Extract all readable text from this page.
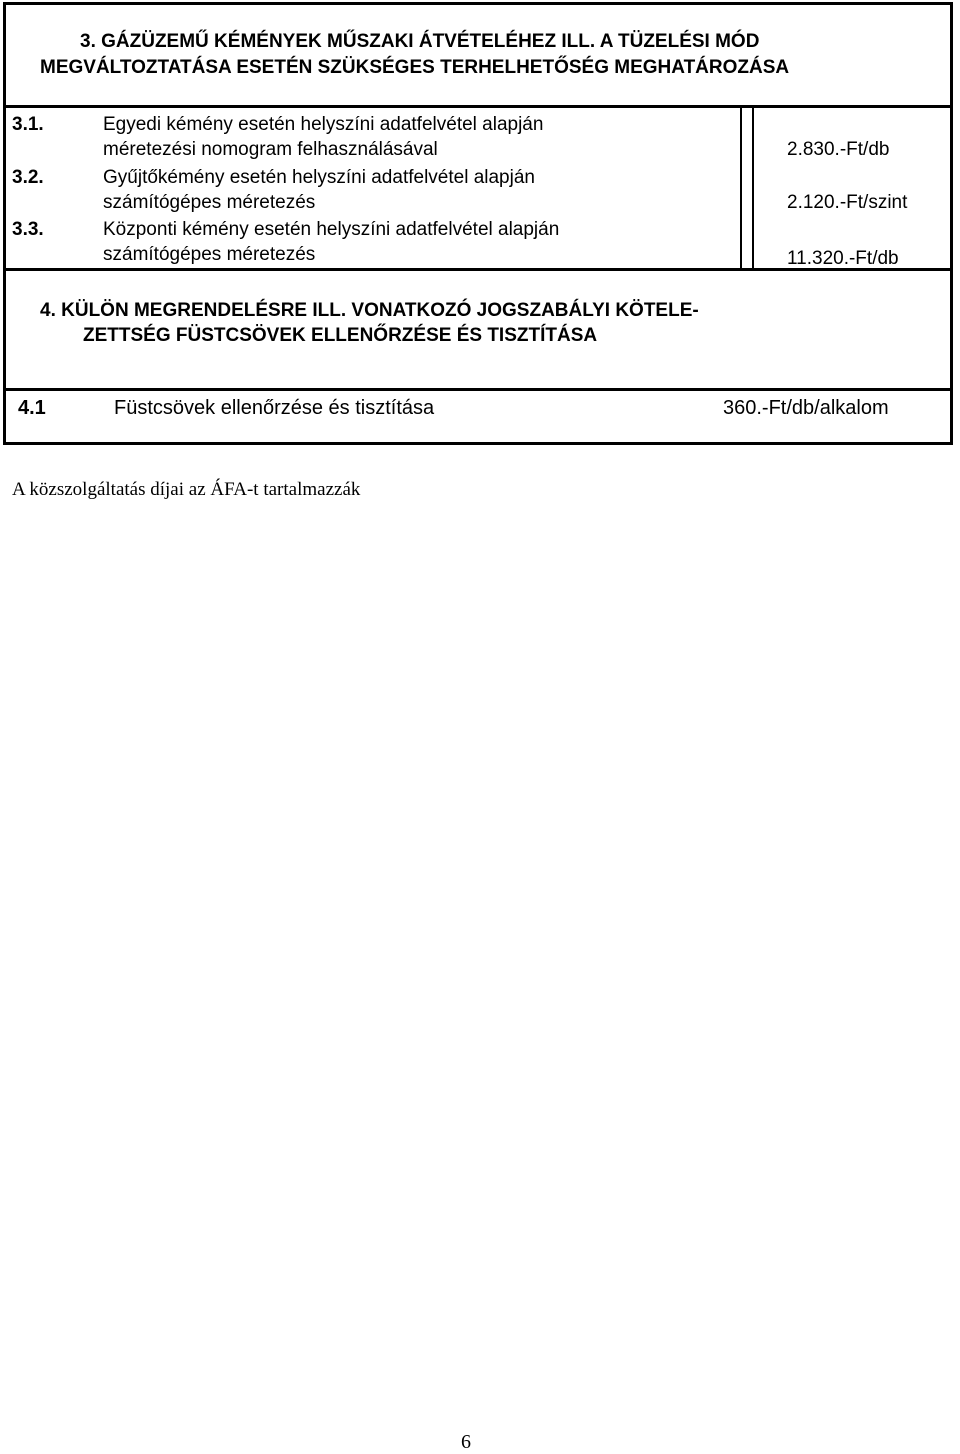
3. GÁZÜZEMŰ KÉMÉNYEK MŰSZAKI ÁTVÉTELÉHEZ ILL. A TÜZELÉSI MÓD
MEGVÁLTOZTATÁSA ESETÉN SZÜKSÉGES TERHELHETŐSÉG MEGHATÁROZÁSA
3.1.	Egyedi kémény esetén helyszíni adatfelvétel alapján
méretezési nomogram felhasználásával	2.830.-Ft/db
3.2.	Gyűjtőkémény esetén helyszíni adatfelvétel alapján
számítógépes méretezés	2.120.-Ft/szint
3.3.	Központi kémény esetén helyszíni adatfelvétel alapján
számítógépes méretezés	11.320.-Ft/db
4. KÜLÖN MEGRENDELÉSRE ILL. VONATKOZÓ JOGSZABÁLYI KÖTELE-
ZETTSÉG FÜSTCSÖVEK ELLENŐRZÉSE ÉS TISZTÍTÁSA
4.1	Füstcsövek ellenőrzése és tisztítása	360.-Ft/db/alkalom
A közszolgáltatás díjai az ÁFA-t tartalmazzák
6
